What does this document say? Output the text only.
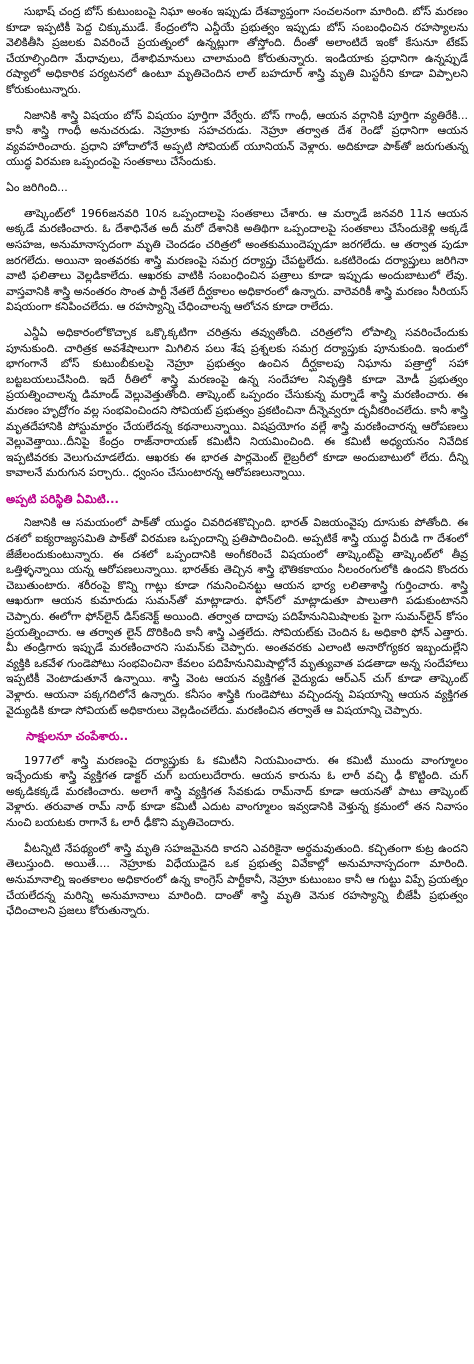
సుభాష్ చంద్ర బోస్ కుటుంబంపై నిఘా అంశం ఇప్పుడు దేశవ్యాప్తంగా సంచలనంగా మారింది. బోస్ మరణం కూడా ఇప్పటికీ పెద్ద చిక్కుముడే. కేంద్రంలోని ఎన్డీయే ప్రభుత్వం ఇప్పుడు బోస్ సంబంధించిన రహస్యాలను వెలికితీసి ప్రజలకు వివరించే ప్రయత్నంలో ఉన్నట్లుగా తోస్తోంది. దీంతో అలాంటిదే ఇంకో కేసునూ టేకప్ చేయాల్సిందిగా మేధావులు, దేశాభిమానులు చాలామంది కోరుతున్నారు. ఇండియాకు ప్రధానిగా ఉన్నప్పుడే రష్యాలో అధికారిక పర్యటనలో ఉంటూ మృతిచెందిన లాల్ బహదూర్ శాస్త్రి మృతి మిస్టరీని కూడా విప్పాలని కోరుకుంటున్నారు.

నిజానికి శాస్త్రి విషయం బోస్ విషయం పూర్తిగా వేర్వేరు. బోస్ గాంధీ, ఆయన వర్గానికి పూర్తిగా వ్యతిరేకి... కానీ శాస్త్రి గాంధీ అనుచరుడు. నెహ్రూకు సహచరుడు. నెహ్రూ తర్వాత దేశ రెండో ప్రధానిగా ఆయన వ్యవహరించారు. ప్రధాని హోదాలోనే అప్పటి సోవియట్ యూనియన్‌ వెళ్లారు. అదికూడా పాక్‌తో జరుగుతున్న యుద్ధ విరమణ ఒప్పందంపై సంతకాలు చేసేందుకు.

ఏం జరిగింది...

తాష్కెంట్‌లో 1966జనవరి 10న ఒప్పందాలపై సంతకాలు చేశారు. ఆ మర్నాడే జనవరి 11న ఆయన అక్కడే మరణించారు. ఓ దేశాధినేత అదీ మరో దేశానికి అతిథిగా ఒప్పందాలపై సంతకాలు చేసేందుకెళ్లి అక్కడే అసహజ, అనుమానాస్పదంగా మృతి చెందడం చరిత్రలో అంతకుముందెప్పుడూ జరగలేదు. ఆ తర్వాత పుడూ జరగలేదు. అయినా ఇంతవరకు శాస్త్రి మరణంపై సమగ్ర దర్యాప్తు చేపట్టలేదు. ఒకటిరెండు దర్యాప్తులు జరిగినా వాటి ఫలితాలు వెల్లడికాలేదు. ఆఖరకు వాటికి సంబంధించిన పత్రాలు కూడా ఇప్పుడు అందుబాటులో లేవు. వాస్తవానికి శాస్త్రి అనంతరం సొంత పార్టీ నేతలే దీర్ఘకాలం అధికారంలో ఉన్నారు. వారెవరికీ శాస్త్రి మరణం సీరియస్ విషయంగా కనిపించలేదు. ఆ రహస్యాన్ని చేధించాలన్న ఆలోచన కూడా రాలేదు.

ఎన్డీఏ అధికారంలోకొచ్చాక ఒక్కొక్కటిగా చరిత్రను తవ్వుతోంది. చరిత్రలోని లోపాల్ని సవరించేందుకు పూనుకుంది. చారిత్రక అవశేషాలుగా మిగిలిన పలు శేష ప్రశ్నలకు సమగ్ర దర్యాప్తుకు పూనుకుంది. ఇందులో భాగంగానే బోస్ కుటుంబీకులపై నెహ్రూ ప్రభుత్వం ఉంచిన దీర్ఘకాలపు నిఘాను పత్రాల్తో సహా బట్టబయలుచేసింది. ఇదే రీతిలో శాస్త్రి మరణంపై ఉన్న సందేహాల నివృత్తికి కూడా మోడీ ప్రభుత్వం ప్రయత్నించాలన్న డిమాండ్ వెల్లువెత్తుతోంది. తాష్కెంట్ ఒప్పందం చేసుకున్న మర్నాడే శాస్త్రి మరణించారు. ఈ మరణం హృద్రోగం వల్ల సంభవించిందని సోవియట్ ప్రభుత్వం ప్రకటించినా దీన్నెవ్వరూ దృవీకరించలేదు. కానీ శాస్త్రి మృతదేహానికి పోస్టుమార్టం చేయలేదన్న కథనాలున్నాయి. విషప్రయోగం వల్లే శాస్త్రి మరణించారన్న ఆరోపణలు వెల్లువెత్తాయి..దీనిపై కేంద్రం రాజ్‌నారాయణ్ కమిటీని నియమించింది. ఈ కమిటీ అధ్యయనం నివేదిక ఇప్పటివరకు వెలుగుచూడలేదు. ఆఖరకు ఈ భారత పార్లమెంట్ లైబ్రరీలో కూడా అందుబాటులో లేదు. దీన్ని కావాలనే మరుగున పర్చారు.. ధ్వంసం చేసుంటారన్న ఆరోపణలున్నాయి.

అప్పటి పరిస్థితి ఏమిటి...

నిజానికి ఆ సమయంలో పాక్‌తో యుద్ధం చివరిదశకొచ్చింది. భారత్ విజయంవైపు దూసుకు పోతోంది. ఈ దశలో ఐక్యరాజ్యసమితి పాక్‌తో విరమణ ఒప్పందాన్ని ప్రతిపాదించింది. అప్పటికే శాస్త్రి యుద్ధ వీరుడి గా దేశంలో జేజేలందుకుంటున్నారు. ఈ దశలో ఒప్పందానికి అంగీకరించే విషయంలో తాష్కెంట్‌పై తాష్కెంట్‌లో తీవ్ర ఒత్తిళ్ళన్నాయి యన్న ఆరోపణలున్నాయి. భారత్‌కు తెచ్చిన శాస్త్రి భౌతికకాయం నీలంరంగులోకి ఉందని కొందరు చెబుతుంటారు. శరీరంపై కొన్ని గాట్లు కూడా గమనించినట్టు ఆయన భార్య లలితాశాస్త్రి గుర్తించారు. శాస్త్రి ఆఖరుగా ఆయన కుమారుడు సుమన్‌తో మాట్లాడారు. ఫోన్‌లో మాట్లాడుతూ పాలుతాగి పడుకుంటానని చెప్పారు. ఈలోగా ఫోన్‌లైన్ డిస్‌కనెక్ట్ అయింది. తర్వాత దాదాపు పదిహేనునిమిషాలకు పైగా సుమన్‌లైన్ కోసం ప్రయత్నించారు. ఆ తర్వాత లైన్ దొరికింది కానీ శాస్త్రి ఎత్తలేదు. సోవియట్‌కు చెందిన ఓ అధికారి ఫోన్ ఎత్తారు. మీ తండ్రిగారు ఇప్పుడే మరణించారని సుమన్‌కు చెప్పారు. అంతవరకు ఎలాంటి అనారోగ్యకర ఇబ్బందుల్లేని వ్యక్తికి ఒకవేళ గుండెపోటు సంభవించినా కేవలం పదిహేనునిమిషాల్లోనే మృత్యువాత పడతాడా అన్న సందేహాలు ఇప్పటికీ వెంటాడుతూనే ఉన్నాయి. శాస్త్రి వెంట ఆయన వ్యక్తిగత వైద్యుడు ఆర్‌ఎన్ చుగ్ కూడా తాష్కెంట్ వెళ్లారు. ఆయనా పక్కగదిలోనే ఉన్నారు. కనీసం శాస్త్రికి గుండెపోటు వచ్చిందన్న విషయాన్ని ఆయన వ్యక్తిగత వైద్యుడికి కూడా సోవియట్ అధికారులు వెల్లడించలేదు. మరణించిన తర్వాతే ఆ విషయాన్ని చెప్పారు.

సాక్షులనూ చంపేశారు..

1977లో శాస్త్రి మరణంపై దర్యాప్తుకు ఓ కమిటీని నియమించారు. ఈ కమిటీ ముందు వాంగ్మూలం ఇచ్చేందుకు శాస్త్రి వ్యక్తిగత డాక్టర్ చుగ్ బయలుదేరారు. ఆయన కారును ఓ లారీ వచ్చి ఢీ కొట్టింది. చుగ్ అక్కడికక్కడే మరణించారు. అలాగే శాస్త్రి వ్యక్తిగత సేవకుడు రామ్‌నాద్ కూడా ఆయనతో పాటు తాష్కెంట్ వెళ్లారు. తరువాత రామ్ నాథ్ కూడా కమిటీ ఎదుట వాంగ్మూలం ఇవ్వడానికి వెళ్తున్న క్రమంలో తన నివాసం నుంచి బయటకు రాగానే ఓ లారీ ఢీకొని మృతిచెందారు.

వీటన్నిటి నేపథ్యంలో శాస్త్రి మృతి సహజమైనది కాదని ఎవరికైనా అర్థమవుతుంది. కచ్చితంగా కుట్ర ఉందని తెలుస్తుంది. అయితే.... నెహ్రూకు విధేయుడైన ఒక ప్రభుత్వ వివేకాల్లో అనుమానాస్పదంగా మారింది. అనుమానాల్ని ఇంతకాలం అధికారంలో ఉన్న కాంగ్రెస్ పార్టీకానీ, నెహ్రూ కుటుంబం కానీ ఆ గుట్టు విప్పే ప్రయత్నం చేయలేదన్న మరిన్ని అనుమానాలు మారింది. దాంతో శాస్త్రి మృతి వెనుక రహస్యాన్ని బీజేపీ ప్రభుత్వం ఛేదించాలని ప్రజలు కోరుతున్నారు.
